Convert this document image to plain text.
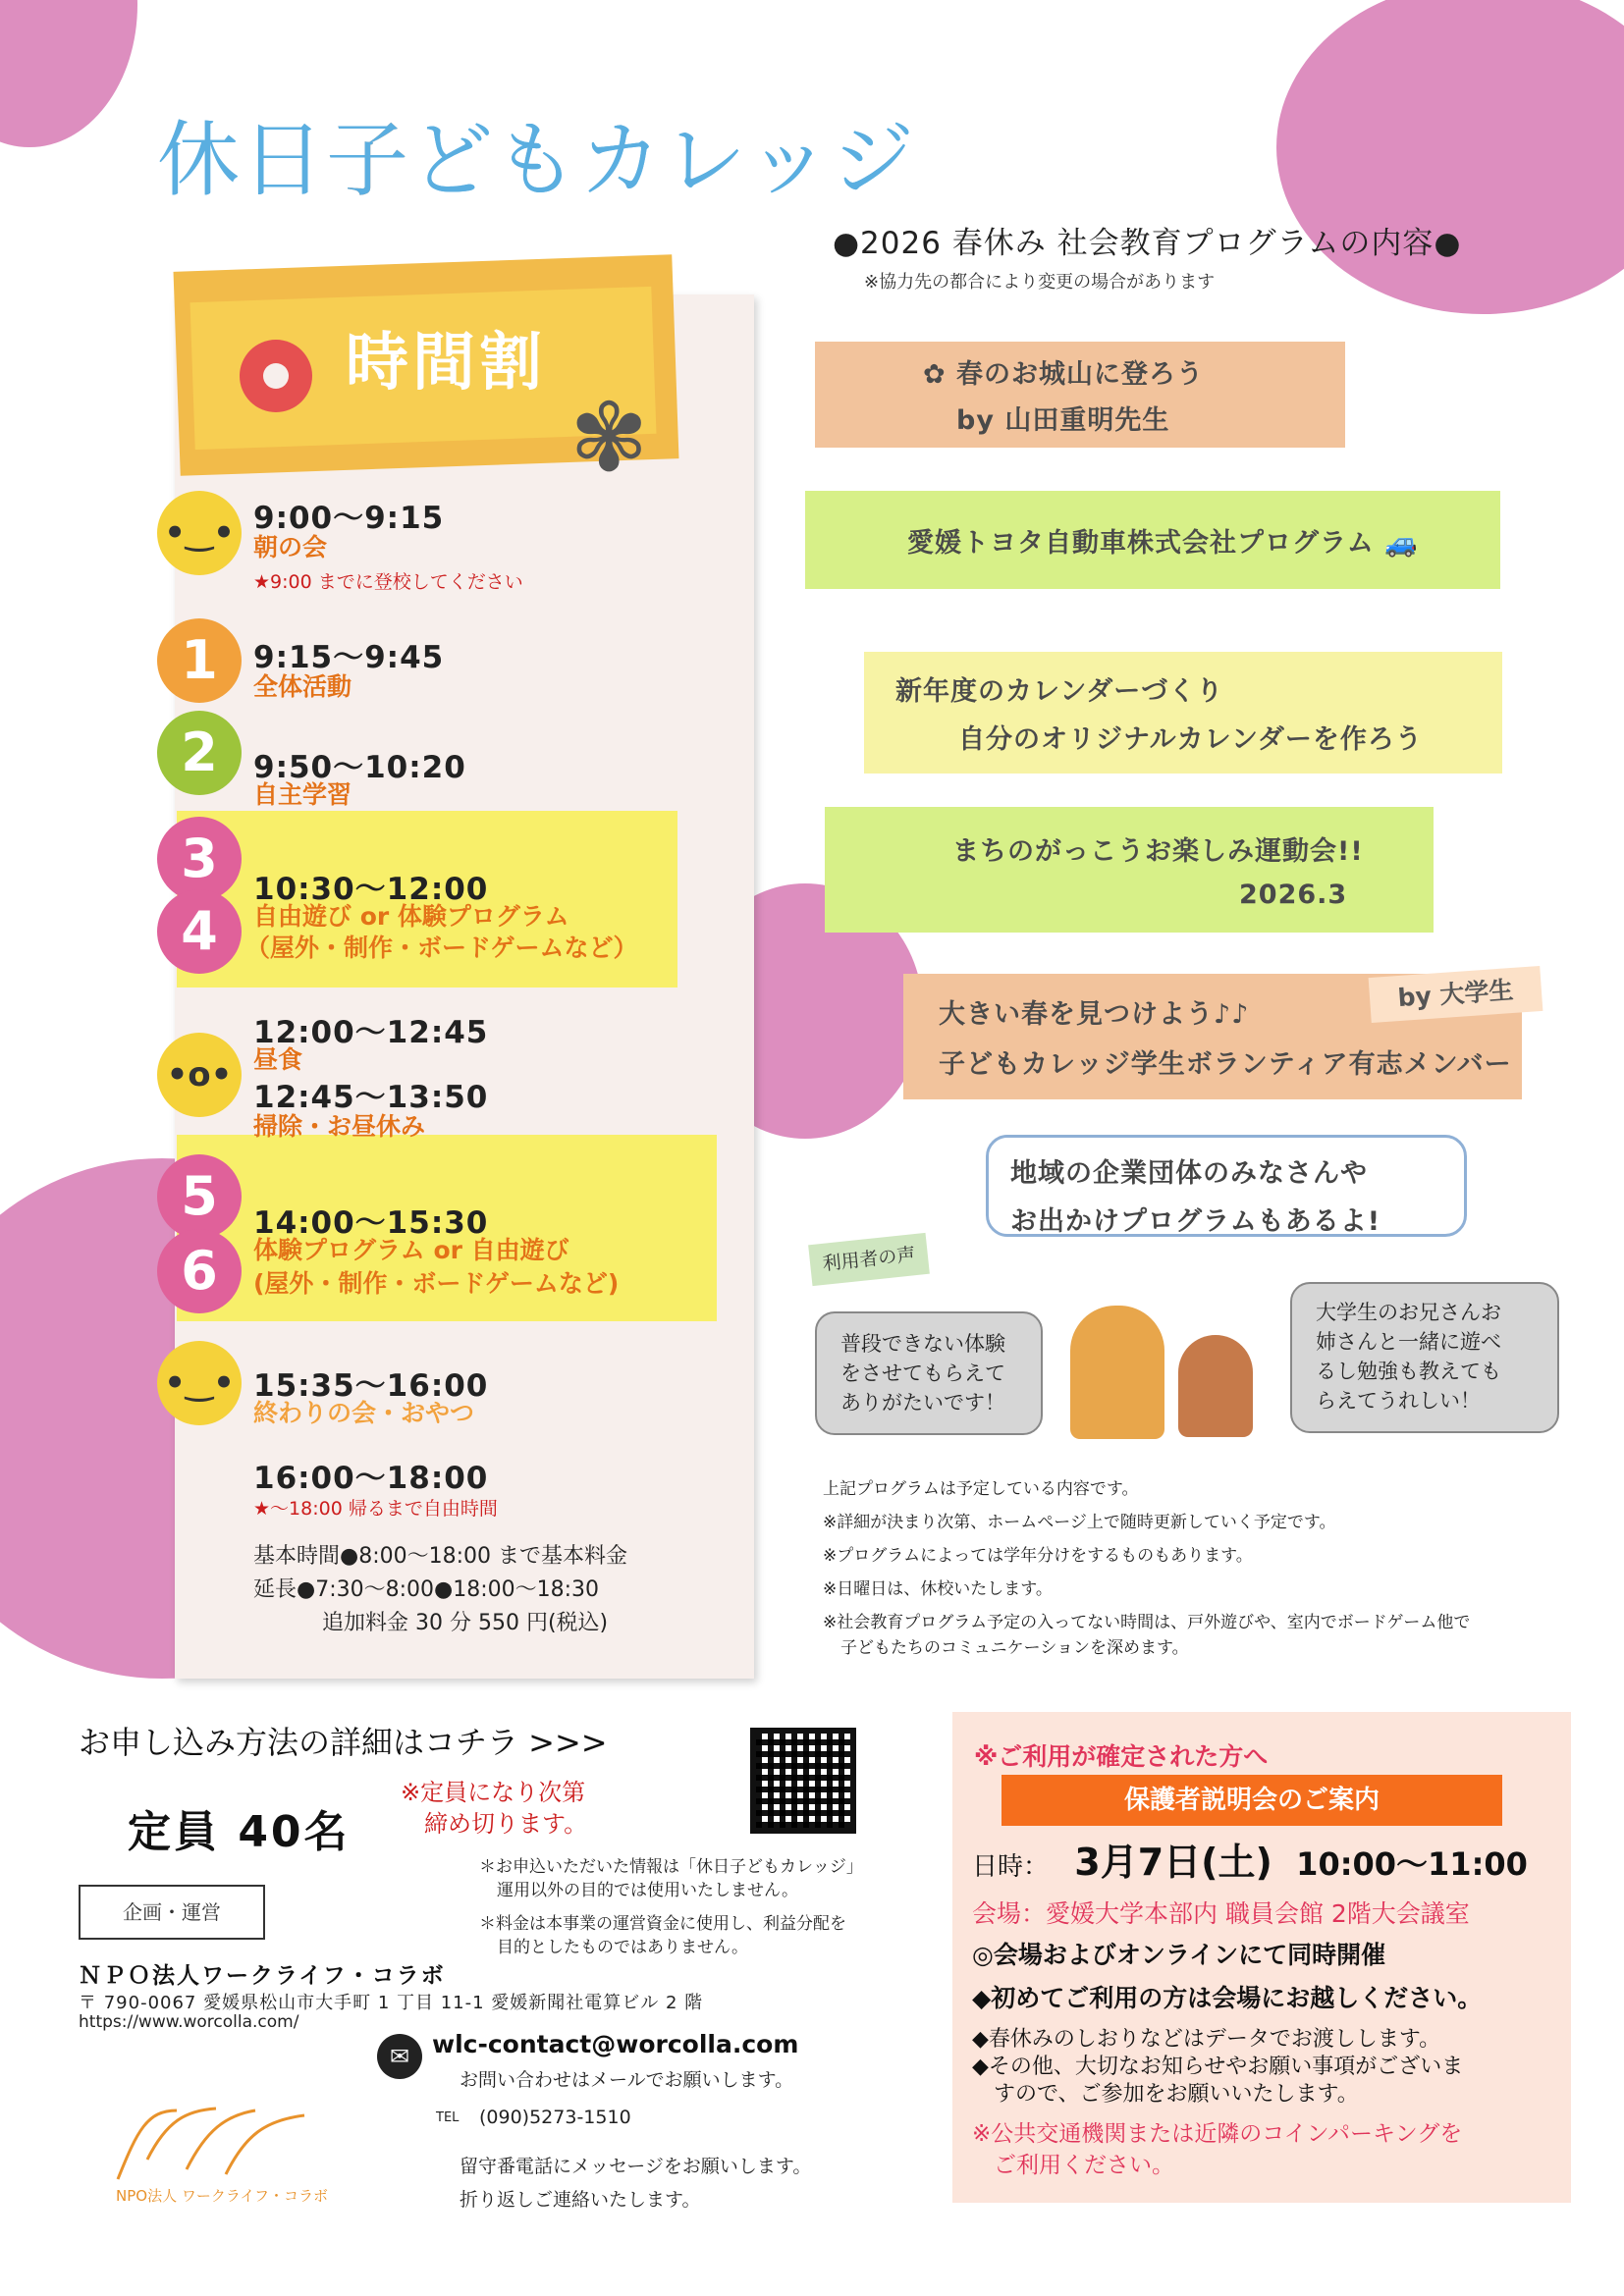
休日子どもカレッジ
時間割
✾
•‿• 9:00〜9:15
朝の会
★9:00 までに登校してください
1	9:15〜9:45
全体活動
2	9:50〜10:20
自主学習
3
4
10:30〜12:00
自由遊び or 体験プログラム
（屋外・制作・ボードゲームなど）
•o•
12:00〜12:45
昼食
12:45〜13:50
掃除・お昼休み
5
6
14:00〜15:30
体験プログラム or 自由遊び
(屋外・制作・ボードゲームなど)
•‿• 15:35〜16:00
終わりの会・おやつ
16:00〜18:00
★〜18:00 帰るまで自由時間
基本時間●8:00〜18:00 まで基本料金
延長●7:30〜8:00●18:00〜18:30
追加料金 30 分 550 円(税込)
●2026 春休み 社会教育プログラムの内容●
※協力先の都合により変更の場合があります
✿ 春のお城山に登ろう
by 山田重明先生
愛媛トヨタ自動車株式会社プログラム 🚙
新年度のカレンダーづくり
自分のオリジナルカレンダーを作ろう
まちのがっこうお楽しみ運動会!!
2026.3
大きい春を見つけよう♪♪
子どもカレッジ学生ボランティア有志メンバー
by 大学生
地域の企業団体のみなさんや
お出かけプログラムもあるよ!
利用者の声
普段できない体験
をさせてもらえて
ありがたいです！
大学生のお兄さんお
姉さんと一緒に遊べ
るし勉強も教えても
らえてうれしい！
上記プログラムは予定している内容です。
※詳細が決まり次第、ホームページ上で随時更新していく予定です。
※プログラムによっては学年分けをするものもあります。
※日曜日は、休校いたします。
※社会教育プログラム予定の入ってない時間は、戸外遊びや、室内でボードゲーム他で
子どもたちのコミュニケーションを深めます。
お申し込み方法の詳細はコチラ >>>
定員 40名
※定員になり次第
締め切ります。
＊お申込いただいた情報は「休日子どもカレッジ」
運用以外の目的では使用いたしません。
＊料金は本事業の運営資金に使用し、利益分配を
目的としたものではありません。
企画・運営
ＮＰＯ法人ワークライフ・コラボ
〒 790-0067 愛媛県松山市大手町 1 丁目 11-1 愛媛新聞社電算ビル 2 階
https://www.worcolla.com/
NPO法人 ワークライフ・コラボ
✉ wlc-contact@worcolla.com
お問い合わせはメールでお願いします。
TEL (090)5273-1510
留守番電話にメッセージをお願いします。
折り返しご連絡いたします。
※ご利用が確定された方へ
保護者説明会のご案内
日時： 3月7日(土) 10:00〜11:00
会場：愛媛大学本部内 職員会館 2階大会議室
◎会場およびオンラインにて同時開催
◆初めてご利用の方は会場にお越しください。
◆春休みのしおりなどはデータでお渡しします。
◆その他、大切なお知らせやお願い事項がございま
すので、ご参加をお願いいたします。
※公共交通機関または近隣のコインパーキングを
ご利用ください。
